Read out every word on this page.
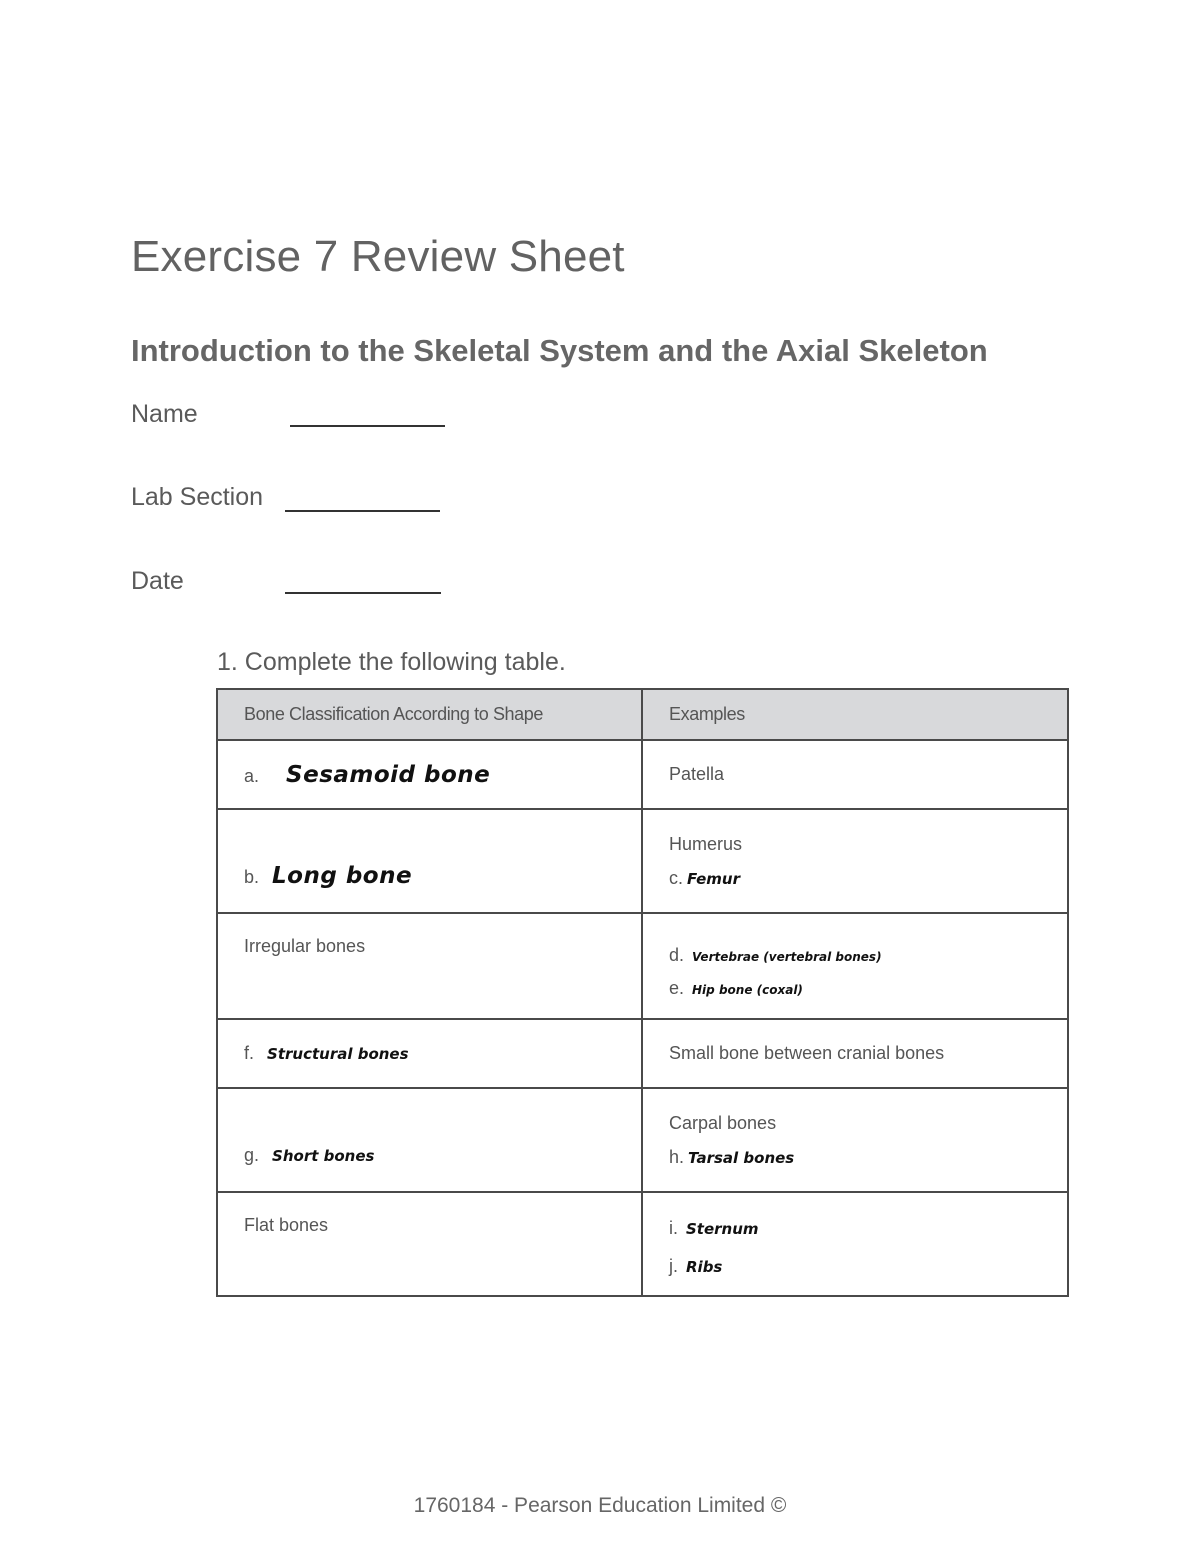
Exercise 7 Review Sheet
Introduction to the Skeletal System and the Axial Skeleton
Name
Lab Section
Date
1. Complete the following table.
Bone Classification According to Shape	Examples
a. Sesamoid bone	Patella
b. Long bone	Humerus
c. Femur

Irregular bones	d. Vertebrae (vertebral bones)
e. Hip bone (coxal)

f. Structural bones	Small bone between cranial bones
g. Short bones	Carpal bones
h. Tarsal bones

Flat bones	i. Sternum
j. Ribs
1760184 - Pearson Education Limited ©
